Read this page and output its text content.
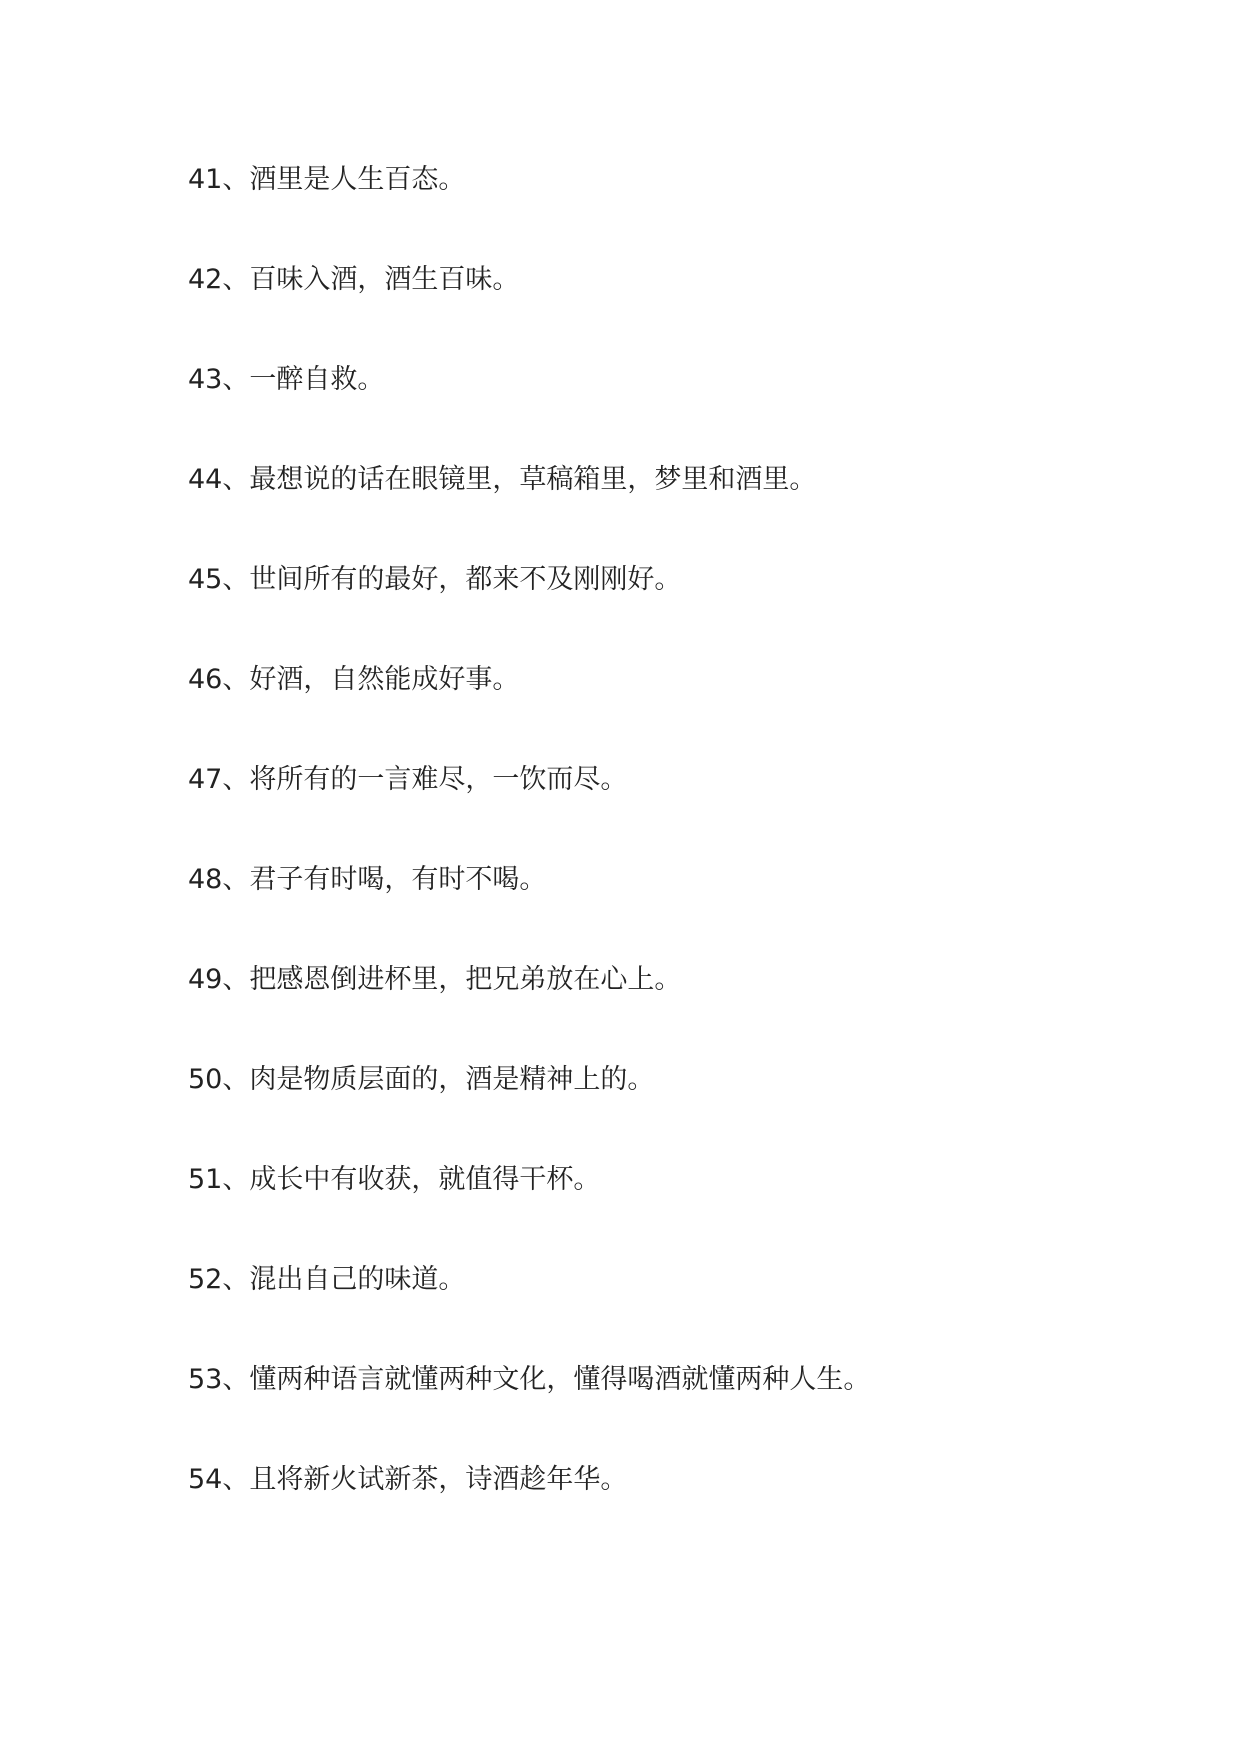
41、酒里是人生百态。
42、百味入酒，酒生百味。
43、一醉自救。
44、最想说的话在眼镜里，草稿箱里，梦里和酒里。
45、世间所有的最好，都来不及刚刚好。
46、好酒，自然能成好事。
47、将所有的一言难尽，一饮而尽。
48、君子有时喝，有时不喝。
49、把感恩倒进杯里，把兄弟放在心上。
50、肉是物质层面的，酒是精神上的。
51、成长中有收获，就值得干杯。
52、混出自己的味道。
53、懂两种语言就懂两种文化，懂得喝酒就懂两种人生。
54、且将新火试新茶，诗酒趁年华。
